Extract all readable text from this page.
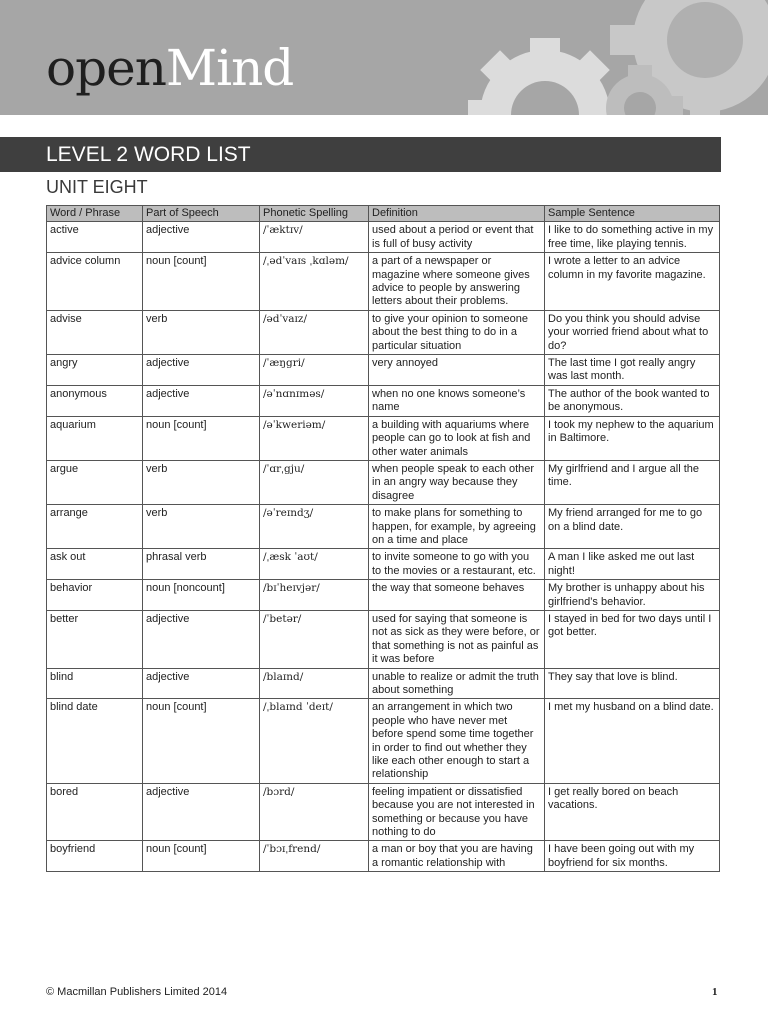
openMind
LEVEL 2 WORD LIST
UNIT EIGHT
Word / Phrase	Part of Speech	Phonetic Spelling	Definition	Sample Sentence
active	adjective	/ˈæktɪv/	used about a period or event that is full of busy activity	I like to do something active in my free time, like playing tennis.
advice column	noun [count]	/ˌədˈvaɪs ˌkɑləm/	a part of a newspaper or magazine where someone gives advice to people by answering letters about their problems.	I wrote a letter to an advice column in my favorite magazine.
advise	verb	/ədˈvaɪz/	to give your opinion to someone about the best thing to do in a particular situation	Do you think you should advise your worried friend about what to do?
angry	adjective	/ˈæŋgri/	very annoyed	The last time I got really angry was last month.
anonymous	adjective	/əˈnɑnɪməs/	when no one knows someone’s name	The author of the book wanted to be anonymous.
aquarium	noun [count]	/əˈkweriəm/	a building with aquariums where people can go to look at fish and other water animals	I took my nephew to the aquarium in Baltimore.
argue	verb	/ˈɑrˌgju/	when people speak to each other in an angry way because they disagree	My girlfriend and I argue all the time.
arrange	verb	/əˈreɪndʒ/	to make plans for something to happen, for example, by agreeing on a time and place	My friend arranged for me to go on a blind date.
ask out	phrasal verb	/ˌæsk ˈaʊt/	to invite someone to go with you to the movies or a restaurant, etc.	A man I like asked me out last night!
behavior	noun [noncount]	/bɪˈheɪvjər/	the way that someone behaves	My brother is unhappy about his girlfriend’s behavior.
better	adjective	/ˈbetər/	used for saying that someone is not as sick as they were before, or that something is not as painful as it was before	I stayed in bed for two days until I got better.
blind	adjective	/blaɪnd/	unable to realize or admit the truth about something	They say that love is blind.
blind date	noun [count]	/ˌblaɪnd ˈdeɪt/	an arrangement in which two people who have never met before spend some time together in order to find out whether they like each other enough to start a relationship	I met my husband on a blind date.
bored	adjective	/bɔrd/	feeling impatient or dissatisfied because you are not interested in something or because you have nothing to do	I get really bored on beach vacations.
boyfriend	noun [count]	/ˈbɔɪˌfrend/	a man or boy that you are having a romantic relationship with	I have been going out with my boyfriend for six months.
© Macmillan Publishers Limited 2014	1
